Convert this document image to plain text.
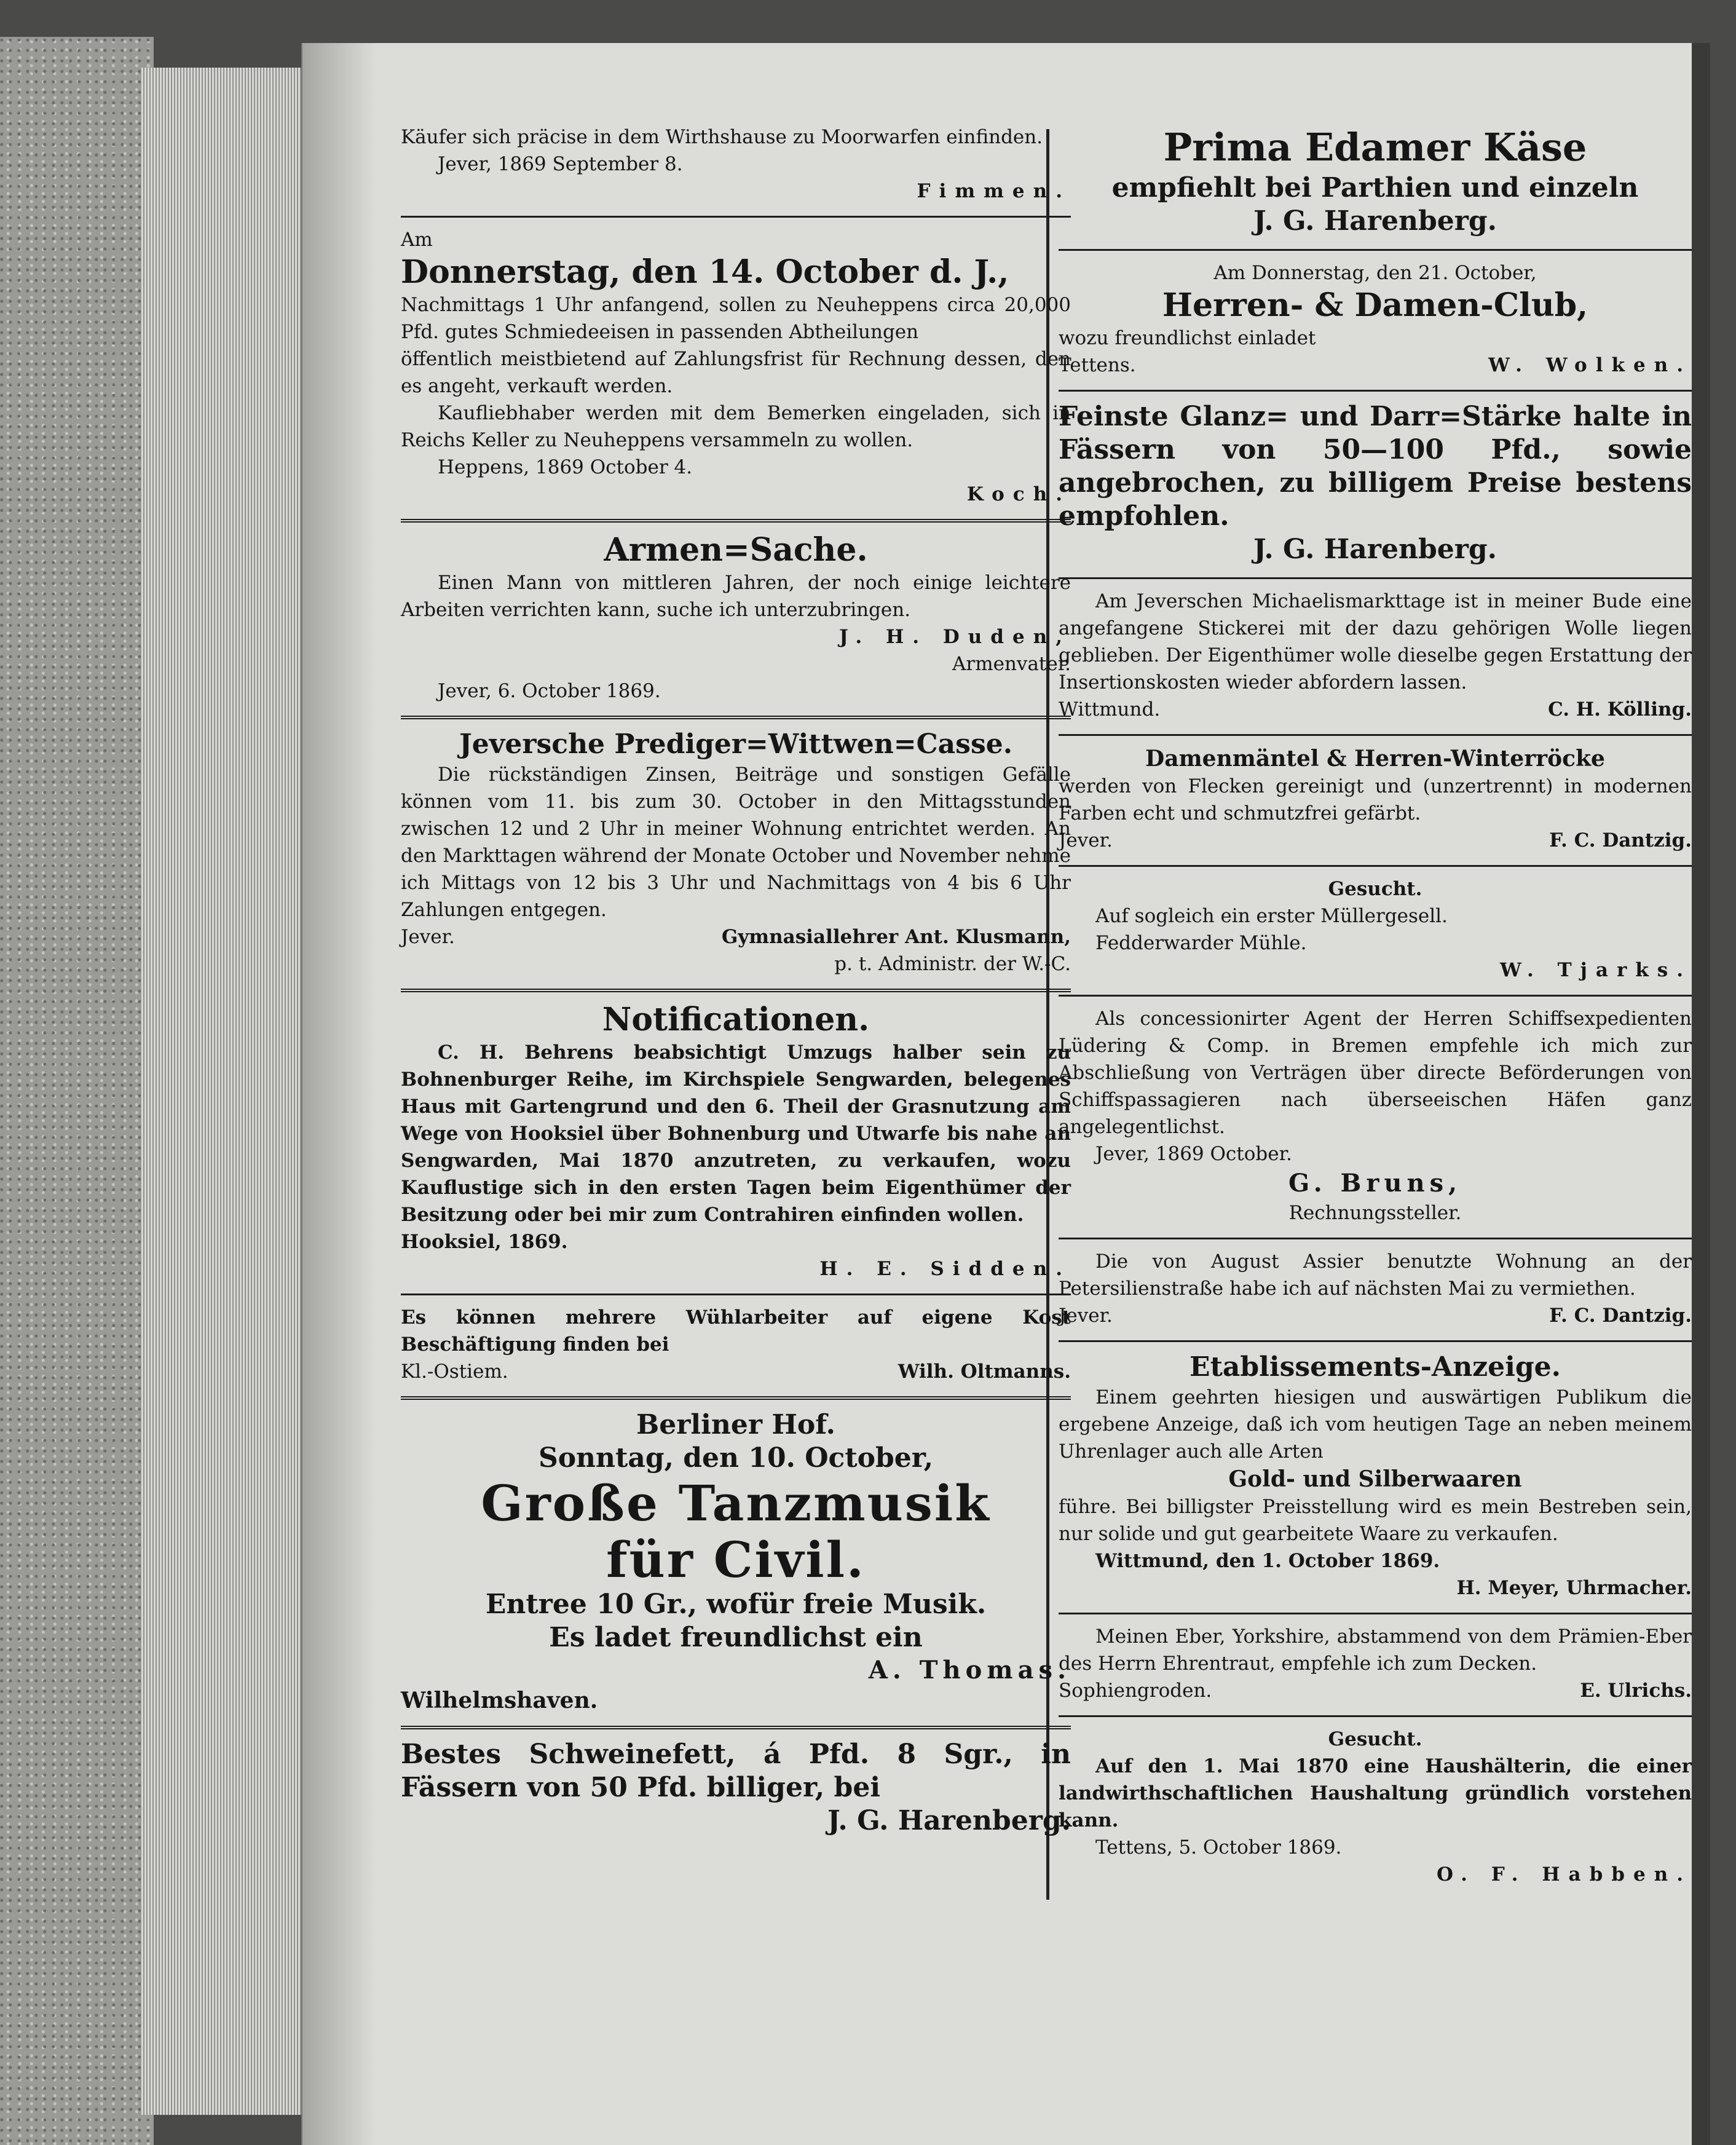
Käufer sich präcise in dem Wirthshause zu Moorwarfen einfinden.

Jever, 1869 September 8.

Fimmen.

Am

Donnerstag, den 14. October d. J.,

Nachmittags 1 Uhr anfangend, sollen zu Neuheppens circa 20,000 Pfd. gutes Schmiedeeisen in passenden Abtheilungen

öffentlich meistbietend auf Zahlungsfrist für Rechnung dessen, den es angeht, verkauft werden.

Kaufliebhaber werden mit dem Bemerken eingeladen, sich in Reichs Keller zu Neuheppens versammeln zu wollen.

Heppens, 1869 October 4.

Koch.

Armen=Sache.

Einen Mann von mittleren Jahren, der noch einige leichtere Arbeiten verrichten kann, suche ich unterzubringen.

J. H. Duden,

Armenvater.

Jever, 6. October 1869.

Jeversche Prediger=Wittwen=Casse.

Die rückständigen Zinsen, Beiträge und sonstigen Gefälle können vom 11. bis zum 30. October in den Mittagsstunden zwischen 12 und 2 Uhr in meiner Wohnung entrichtet werden. An den Markttagen während der Monate October und November nehme ich Mittags von 12 bis 3 Uhr und Nachmittags von 4 bis 6 Uhr Zahlungen entgegen.

Jever.	Gymnasiallehrer Ant. Klusmann,

p. t. Administr. der W.-C.

Notificationen.

C. H. Behrens beabsichtigt Umzugs halber sein zu Bohnenburger Reihe, im Kirchspiele Sengwarden, belegenes Haus mit Gartengrund und den 6. Theil der Grasnutzung am Wege von Hooksiel über Bohnenburg und Utwarfe bis nahe an Sengwarden, Mai 1870 anzutreten, zu verkaufen, wozu Kauflustige sich in den ersten Tagen beim Eigenthümer der Besitzung oder bei mir zum Contrahiren einfinden wollen.

Hooksiel, 1869.

H. E. Sidden.

Es können mehrere Wühlarbeiter auf eigene Kost Beschäftigung finden bei

Kl.-Ostiem.	Wilh. Oltmanns.

Berliner Hof.

Sonntag, den 10. October,

Große Tanzmusik

für Civil.

Entree 10 Gr., wofür freie Musik.

Es ladet freundlichst ein

A. Thomas.

Wilhelmshaven.

Bestes Schweinefett, á Pfd. 8 Sgr., in Fässern von 50 Pfd. billiger, bei

J. G. Harenberg.

Prima Edamer Käse

empfiehlt bei Parthien und einzeln

J. G. Harenberg.

Am Donnerstag, den 21. October,

Herren- & Damen-Club,

wozu freundlichst einladet

Tettens.	W. Wolken.

Feinste Glanz= und Darr=Stärke halte in Fässern von 50—100 Pfd., sowie angebrochen, zu billigem Preise bestens empfohlen.

J. G. Harenberg.

Am Jeverschen Michaelismarkttage ist in meiner Bude eine angefangene Stickerei mit der dazu gehörigen Wolle liegen geblieben. Der Eigenthümer wolle dieselbe gegen Erstattung der Insertionskosten wieder abfordern lassen.

Wittmund.	C. H. Kölling.

Damenmäntel & Herren-Winterröcke

werden von Flecken gereinigt und (unzertrennt) in modernen Farben echt und schmutzfrei gefärbt.

Jever.	F. C. Dantzig.

Gesucht.

Auf sogleich ein erster Müllergesell.

Fedderwarder Mühle.

W. Tjarks.

Als concessionirter Agent der Herren Schiffsexpedienten Lüdering & Comp. in Bremen empfehle ich mich zur Abschließung von Verträgen über directe Beförderungen von Schiffspassagieren nach überseeischen Häfen ganz angelegentlichst.

Jever, 1869 October.

G. Bruns,

Rechnungssteller.

Die von August Assier benutzte Wohnung an der Petersilienstraße habe ich auf nächsten Mai zu vermiethen.

Jever.	F. C. Dantzig.

Etablissements-Anzeige.

Einem geehrten hiesigen und auswärtigen Publikum die ergebene Anzeige, daß ich vom heutigen Tage an neben meinem Uhrenlager auch alle Arten

Gold- und Silberwaaren

führe. Bei billigster Preisstellung wird es mein Bestreben sein, nur solide und gut gearbeitete Waare zu verkaufen.

Wittmund, den 1. October 1869.

H. Meyer, Uhrmacher.

Meinen Eber, Yorkshire, abstammend von dem Prämien-Eber des Herrn Ehrentraut, empfehle ich zum Decken.

Sophiengroden.	E. Ulrichs.

Gesucht.

Auf den 1. Mai 1870 eine Haushälterin, die einer landwirthschaftlichen Haushaltung gründlich vorstehen kann.

Tettens, 5. October 1869.

O. F. Habben.
